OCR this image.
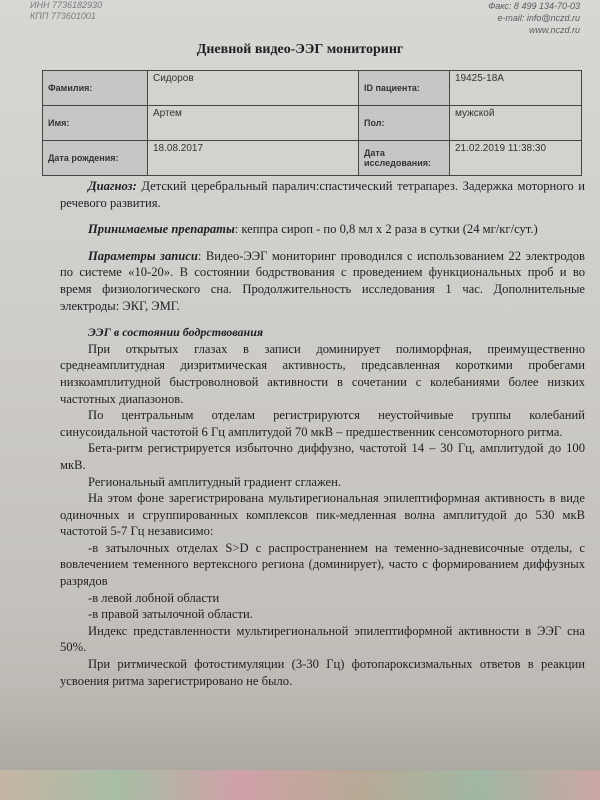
ИНН 7736182930
КПП 773601001
Факс: 8 499 134-70-03
e-mail: info@nczd.ru
www.nczd.ru
Дневной видео-ЭЭГ мониторинг
Фамилия:	Сидоров	ID пациента:	19425-18А
Имя:	Артем	Пол:	мужской
Дата рождения:	18.08.2017	Дата исследования:	21.02.2019 11:38:30

Диагноз: Детский церебральный паралич:спастический тетрапарез. Задержка моторного и речевого развития.

Принимаемые препараты: кеппра сироп - по 0,8 мл х 2 раза в сутки (24 мг/кг/сут.)

Параметры записи: Видео-ЭЭГ мониторинг проводился с использованием 22 электродов по системе «10-20». В состоянии бодрствования с проведением функциональных проб и во время физиологического сна. Продолжительность исследования 1 час. Дополнительные электроды: ЭКГ, ЭМГ.

ЭЭГ в состоянии бодрствования

При открытых глазах в записи доминирует полиморфная, преимущественно среднеамплитудная дизритмическая активность, предсавленная короткими пробегами низкоамплитудной быстроволновой активности в сочетании с колебаниями более низких частотных диапазонов.

По центральным отделам регистрируются неустойчивые группы колебаний синусоидальной частотой 6 Гц амплитудой 70 мкВ – предшественник сенсомоторного ритма.

Бета-ритм регистрируется избыточно диффузно, частотой 14 – 30 Гц, амплитудой до 100 мкВ.

Региональный амплитудный градиент сглажен.

На этом фоне зарегистрирована мультирегиональная эпилептиформная активность в виде одиночных и сгруппированных комплексов пик-медленная волна амплитудой до 530 мкВ частотой 5-7 Гц независимо:

-в затылочных отделах S>D с распространением на теменно-задневисочные отделы, с вовлечением теменного вертексного региона (доминирует), часто с формированием диффузных разрядов

-в левой лобной области

-в правой затылочной области.

Индекс представленности мультирегиональной эпилептиформной активности в ЭЭГ сна 50%.

При ритмической фотостимуляции (3-30 Гц) фотопароксизмальных ответов в реакции усвоения ритма зарегистрировано не было.
